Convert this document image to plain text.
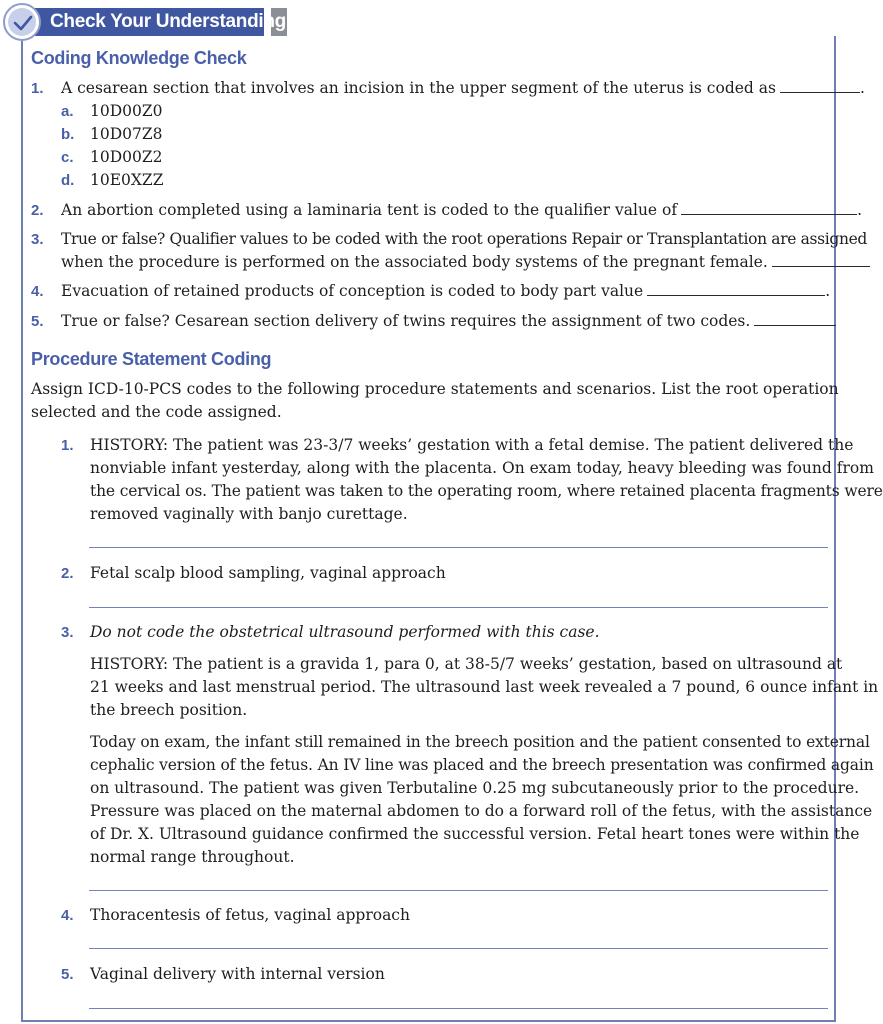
Check Your Understanding
Coding Knowledge Check
1. A cesarean section that involves an incision in the upper segment of the uterus is coded as	.
a. 10D00Z0
b. 10D07Z8
c. 10D00Z2
d. 10E0XZZ
2. An abortion completed using a laminaria tent is coded to the qualifier value of	.
3. True or false? Qualifier values to be coded with the root operations Repair or Transplantation are assigned
when the procedure is performed on the associated body systems of the pregnant female.
4. Evacuation of retained products of conception is coded to body part value	.
5. True or false? Cesarean section delivery of twins requires the assignment of two codes.
Procedure Statement Coding
Assign ICD-10-PCS codes to the following procedure statements and scenarios. List the root operation
selected and the code assigned.
1. HISTORY: The patient was 23-3/7 weeks’ gestation with a fetal demise. The patient delivered the
nonviable infant yesterday, along with the placenta. On exam today, heavy bleeding was found from
the cervical os. The patient was taken to the operating room, where retained placenta fragments were
removed vaginally with banjo curettage.
2. Fetal scalp blood sampling, vaginal approach
3. Do not code the obstetrical ultrasound performed with this case.
HISTORY: The patient is a gravida 1, para 0, at 38-5/7 weeks’ gestation, based on ultrasound at
21 weeks and last menstrual period. The ultrasound last week revealed a 7 pound, 6 ounce infant in
the breech position.
Today on exam, the infant still remained in the breech position and the patient consented to external
cephalic version of the fetus. An IV line was placed and the breech presentation was confirmed again
on ultrasound. The patient was given Terbutaline 0.25 mg subcutaneously prior to the procedure.
Pressure was placed on the maternal abdomen to do a forward roll of the fetus, with the assistance
of Dr. X. Ultrasound guidance confirmed the successful version. Fetal heart tones were within the
normal range throughout.
4. Thoracentesis of fetus, vaginal approach
5. Vaginal delivery with internal version
